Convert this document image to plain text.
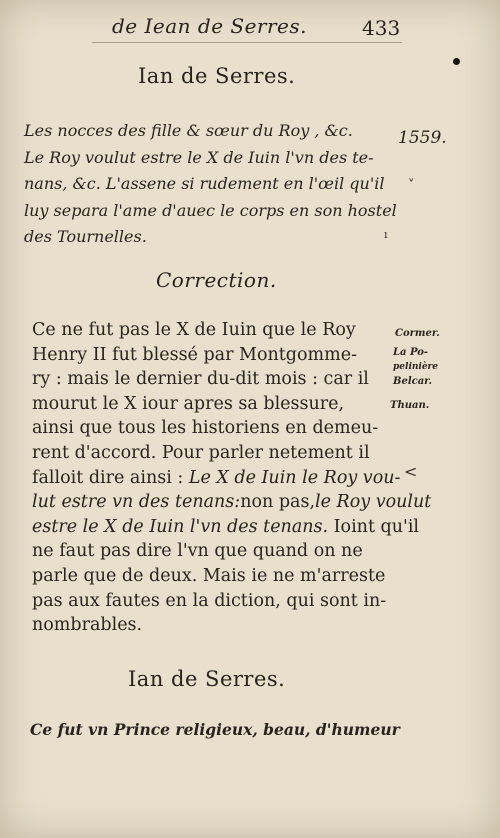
de Iean de Serres.	433
Ian de Serres.
Les nocces des fille & sœur du Roy , &c.
Le Roy voulut estre le X de Iuin l'vn des te-
nans, &c. L'assene si rudement en l'œil qu'il
luy separa l'ame d'auec le corps en son hostel
des Tournelles.
1559.
˅
ı
Correction.
Ce ne fut pas le X de Iuin que le Roy
Henry II fut blessé par Montgomme-
ry : mais le dernier du-dit mois : car il
mourut le X iour apres sa blessure,
ainsi que tous les historiens en demeu-
rent d'accord. Pour parler netement il
falloit dire ainsi : Le X de Iuin le Roy vou-
lut estre vn des tenans:non pas,le Roy voulut
estre le X de Iuin l'vn des tenans. Ioint qu'il
ne faut pas dire l'vn que quand on ne
parle que de deux. Mais ie ne m'arreste
pas aux fautes en la diction, qui sont in-
nombrables.
Cormer.
La Po-
pelinière
Belcar.
Thuan.
<
Ian de Serres.
Ce fut vn Prince religieux, beau, d'humeur
